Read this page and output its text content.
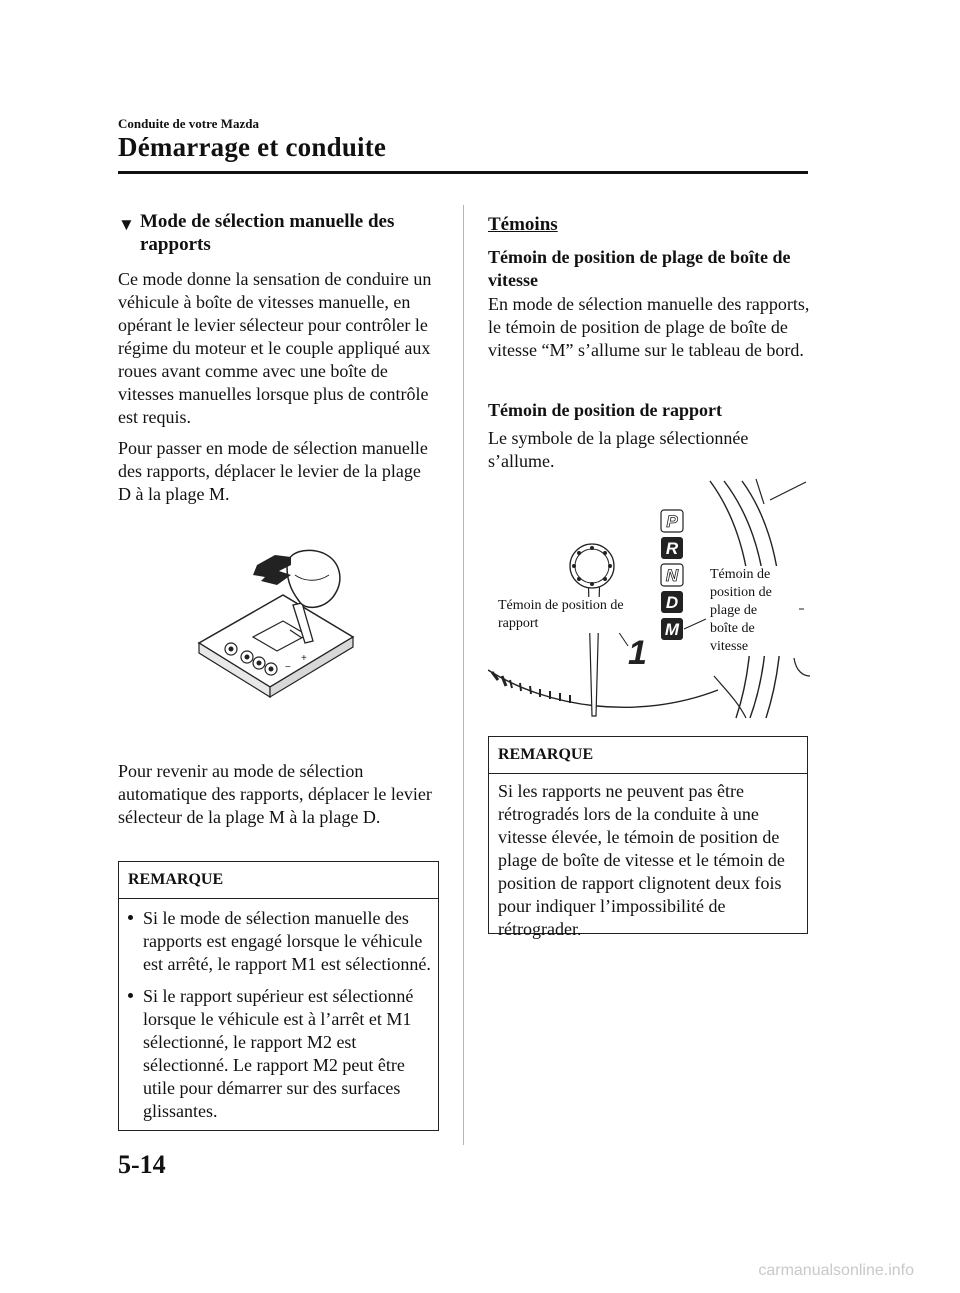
Conduite de votre Mazda
Démarrage et conduite
▼ Mode de sélection manuelle des rapports

Ce mode donne la sensation de conduire un véhicule à boîte de vitesses manuelle, en opérant le levier sélecteur pour contrôler le régime du moteur et le couple appliqué aux roues avant comme avec une boîte de vitesses manuelles lorsque plus de contrôle est requis.

Pour passer en mode de sélection manuelle des rapports, déplacer le levier de la plage D à la plage M.

+
−

Pour revenir au mode de sélection automatique des rapports, déplacer le levier sélecteur de la plage M à la plage D.

REMARQUE
Si le mode de sélection manuelle des rapports est engagé lorsque le véhicule est arrêté, le rapport M1 est sélectionné.
Si le rapport supérieur est sélectionné lorsque le véhicule est à l’arrêt et M1 sélectionné, le rapport M2 est sélectionné. Le rapport M2 peut être utile pour démarrer sur des surfaces glissantes.
Témoins
Témoin de position de plage de boîte de vitesse

En mode de sélection manuelle des rapports, le témoin de position de plage de boîte de vitesse “M” s’allume sur le tableau de bord.

Témoin de position de rapport

Le symbole de la plage sélectionnée s’allume.

1
P
R
N
D
M
Témoin de position de rapport
Témoin de position de plage de boîte de vitesse
REMARQUE

Si les rapports ne peuvent pas être rétrogradés lors de la conduite à une vitesse élevée, le témoin de position de plage de boîte de vitesse et le témoin de position de rapport clignotent deux fois pour indiquer l’impossibilité de rétrograder.

5-14
carmanualsonline.info
